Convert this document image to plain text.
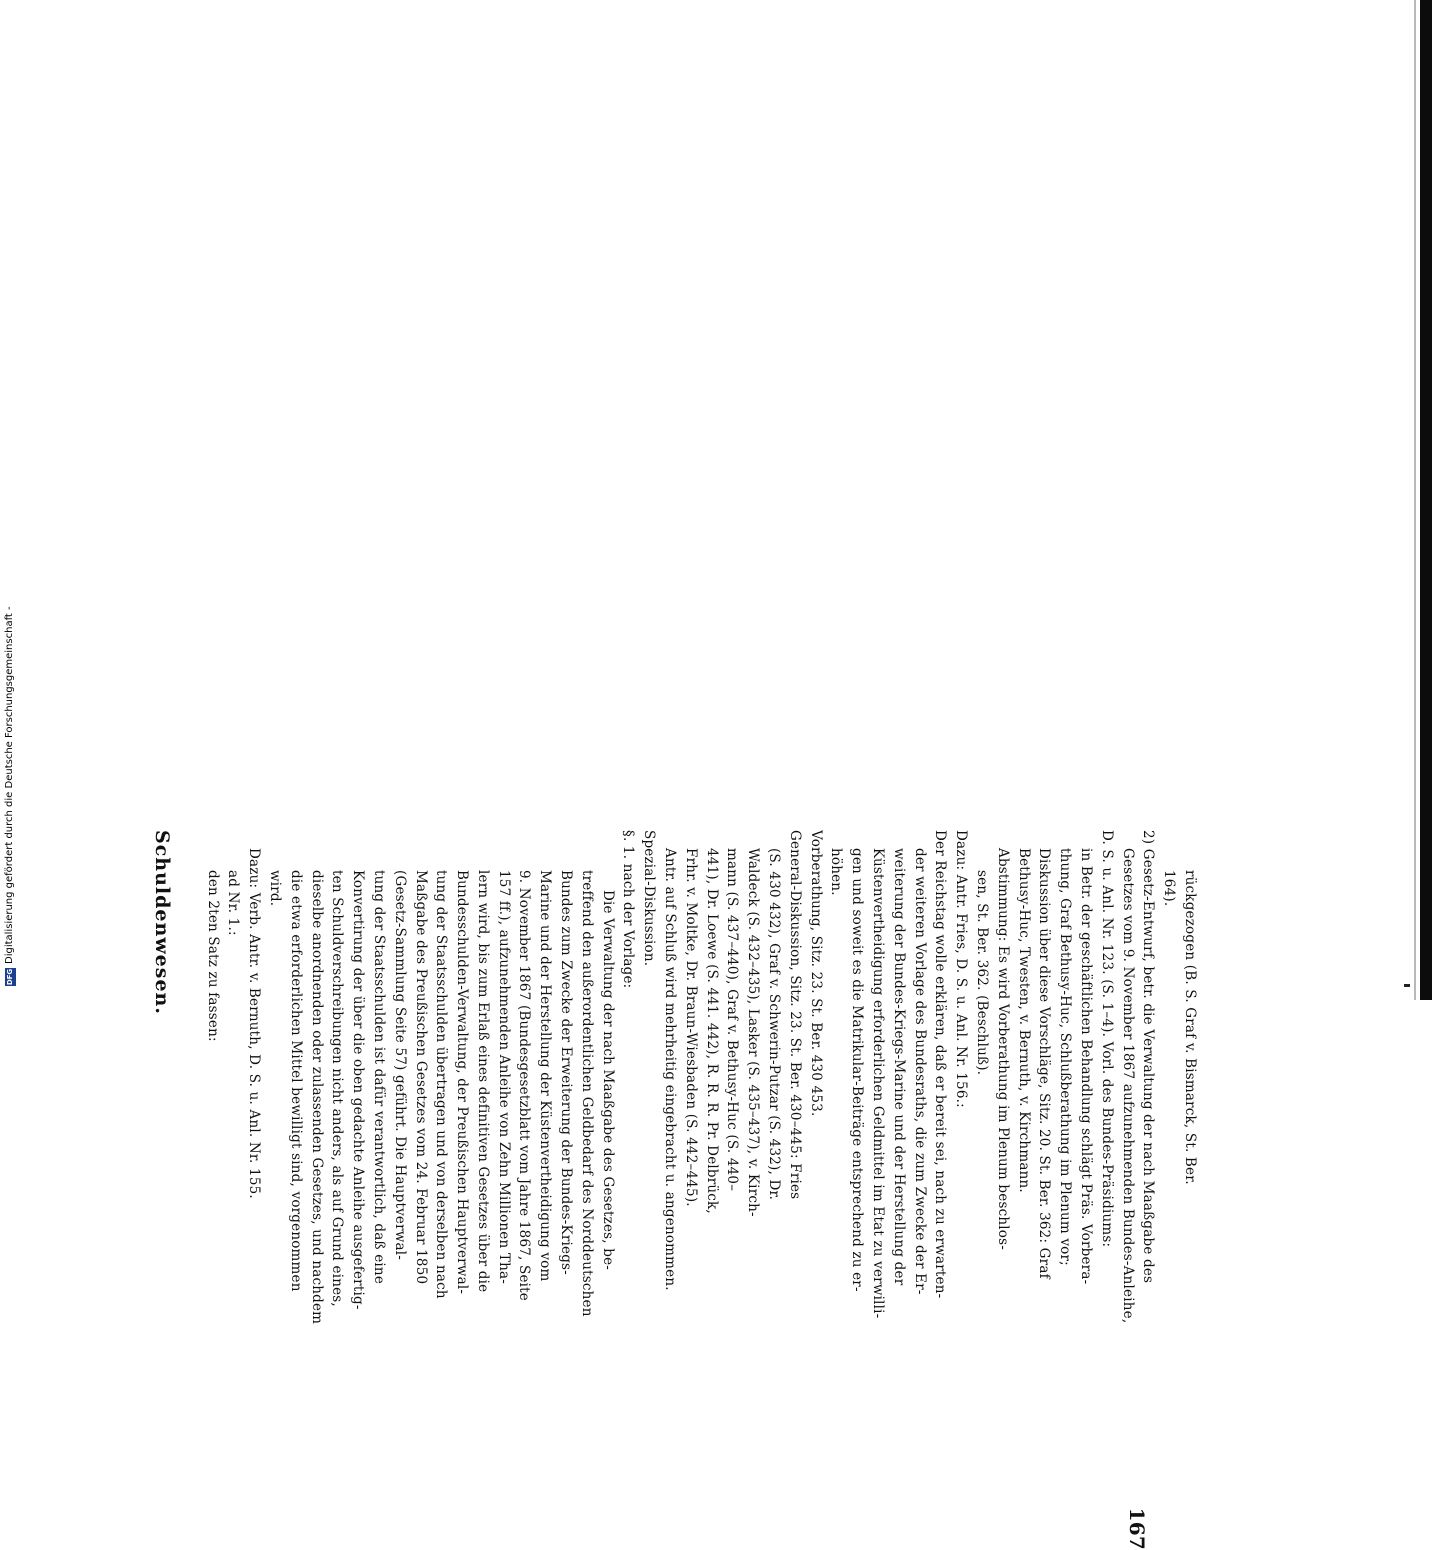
Schuldenwesen.
167
rückgezogen (B. S. Graf v. Bismarck, St. Ber.
164).
2) Gesetz-Entwurf, betr. die Verwaltung der nach Maaßgabe des
Gesetzes vom 9. November 1867 aufzunehmenden Bundes-Anleihe,
D. S. u. Anl. Nr. 123. (S. 1–4). Vorl. des Bundes-Präsidiums:
in Betr. der geschäftlichen Behandlung schlägt Präs. Vorbera-
thung, Graf Bethusy-Huc, Schlußberathung im Plenum vor;
Diskussion über diese Vorschläge, Sitz. 20. St. Ber. 362: Graf
Bethusy-Huc, Twesten, v. Bernuth, v. Kirchmann.
Abstimmung: Es wird Vorberathung im Plenum beschlos-
sen, St. Ber. 362. (Beschluß).
Dazu: Antr. Fries, D. S. u. Anl. Nr. 156.:
Der Reichstag wolle erklären, daß er bereit sei, nach zu erwarten-
der weiteren Vorlage des Bundesraths, die zum Zwecke der Er-
weiterung der Bundes-Kriegs-Marine und der Herstellung der
Küstenvertheidigung erforderlichen Geldmittel im Etat zu verwilli-
gen und soweit es die Matrikular-Beiträge entsprechend zu er-
höhen.
Vorberathung, Sitz. 23. St. Ber. 430 453.
General-Diskussion, Sitz. 23. St. Ber. 430–445: Fries
(S. 430 432), Graf v. Schwerin-Putzar (S. 432), Dr.
Waldeck (S. 432–435), Lasker (S. 435–437), v. Kirch-
mann (S. 437–440), Graf v. Bethusy-Huc (S. 440–
441), Dr. Loewe (S. 441. 442), R. R. R. Pr. Delbrück,
Frhr. v. Moltke, Dr. Braun-Wiesbaden (S. 442–445).
Antr. auf Schluß wird mehrheitig eingebracht u. angenommen.
Spezial-Diskussion.
§. 1. nach der Vorlage:
Die Verwaltung der nach Maaßgabe des Gesetzes, be-
treffend den außerordentlichen Geldbedarf des Norddeutschen
Bundes zum Zwecke der Erweiterung der Bundes-Kriegs-
Marine und der Herstellung der Küstenvertheidigung vom
9. November 1867 (Bundesgesetzblatt vom Jahre 1867, Seite
157 ff.), aufzunehmenden Anleihe von Zehn Millionen Tha-
lern wird, bis zum Erlaß eines definitiven Gesetzes über die
Bundesschulden-Verwaltung, der Preußischen Hauptverwal-
tung der Staatsschulden übertragen und von derselben nach
Maßgabe des Preußischen Gesetzes vom 24. Februar 1850
(Gesetz-Sammlung Seite 57) geführt. Die Hauptverwal-
tung der Staatsschulden ist dafür verantwortlich, daß eine
Konvertirung der über die oben gedachte Anleihe ausgefertig-
ten Schuldverschreibungen nicht anders, als auf Grund eines,
dieselbe anordnenden oder zulassenden Gesetzes, und nachdem
die etwa erforderlichen Mittel bewilligt sind, vorgenommen
wird.
Dazu: Verb. Antr. v. Bernuth, D. S. u. Anl. Nr. 155.
ad Nr. 1.:
den 2ten Satz zu fassen:
DFG
Digitalisierung gefördert durch die Deutsche Forschungsgemeinschaft -
